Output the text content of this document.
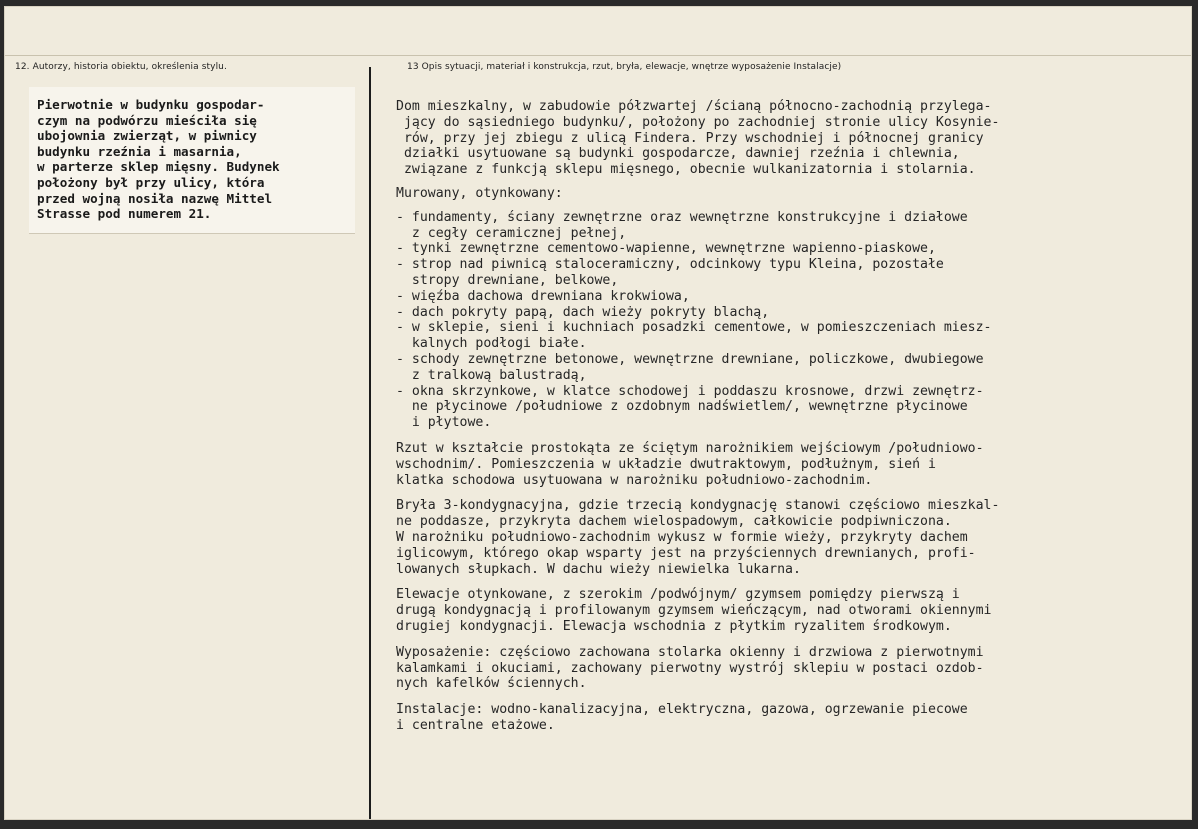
12. Autorzy, historia obiektu, określenia stylu.	13 Opis sytuacji, materiał i konstrukcja, rzut, bryła, elewacje, wnętrze wyposażenie Instalacje)

Pierwotnie w budynku gospodar-
czym na podwórzu mieściła się
ubojownia zwierząt, w piwnicy
budynku rzeźnia i masarnia,
w parterze sklep mięsny. Budynek
położony był przy ulicy, która
przed wojną nosiła nazwę Mittel
Strasse pod numerem 21.

Dom mieszkalny, w zabudowie półzwartej /ścianą północno-zachodnią przylega-
jący do sąsiedniego budynku/, położony po zachodniej stronie ulicy Kosynie-
rów, przy jej zbiegu z ulicą Findera. Przy wschodniej i północnej granicy
działki usytuowane są budynki gospodarcze, dawniej rzeźnia i chlewnia,
związane z funkcją sklepu mięsnego, obecnie wulkanizatornia i stolarnia.

Murowany, otynkowany:

- fundamenty, ściany zewnętrzne oraz wewnętrzne konstrukcyjne i działowe
z cegły ceramicznej pełnej,
- tynki zewnętrzne cementowo-wapienne, wewnętrzne wapienno-piaskowe,
- strop nad piwnicą staloceramiczny, odcinkowy typu Kleina, pozostałe
stropy drewniane, belkowe,
- więźba dachowa drewniana krokwiowa,
- dach pokryty papą, dach wieży pokryty blachą,
- w sklepie, sieni i kuchniach posadzki cementowe, w pomieszczeniach miesz-
kalnych podłogi białe.
- schody zewnętrzne betonowe, wewnętrzne drewniane, policzkowe, dwubiegowe
z tralkową balustradą,
- okna skrzynkowe, w klatce schodowej i poddaszu krosnowe, drzwi zewnętrz-
ne płycinowe /południowe z ozdobnym nadświetlem/, wewnętrzne płycinowe
i płytowe.

Rzut w kształcie prostokąta ze ściętym narożnikiem wejściowym /południowo-
wschodnim/. Pomieszczenia w układzie dwutraktowym, podłużnym, sień i
klatka schodowa usytuowana w narożniku południowo-zachodnim.

Bryła 3-kondygnacyjna, gdzie trzecią kondygnację stanowi częściowo mieszkal-
ne poddasze, przykryta dachem wielospadowym, całkowicie podpiwniczona.
W narożniku południowo-zachodnim wykusz w formie wieży, przykryty dachem
iglicowym, którego okap wsparty jest na przyściennych drewnianych, profi-
lowanych słupkach. W dachu wieży niewielka lukarna.

Elewacje otynkowane, z szerokim /podwójnym/ gzymsem pomiędzy pierwszą i
drugą kondygnacją i profilowanym gzymsem wieńczącym, nad otworami okiennymi
drugiej kondygnacji. Elewacja wschodnia z płytkim ryzalitem środkowym.

Wyposażenie: częściowo zachowana stolarka okienny i drzwiowa z pierwotnymi
kalamkami i okuciami, zachowany pierwotny wystrój sklepiu w postaci ozdob-
nych kafelków ściennych.

Instalacje: wodno-kanalizacyjna, elektryczna, gazowa, ogrzewanie piecowe
i centralne etażowe.
